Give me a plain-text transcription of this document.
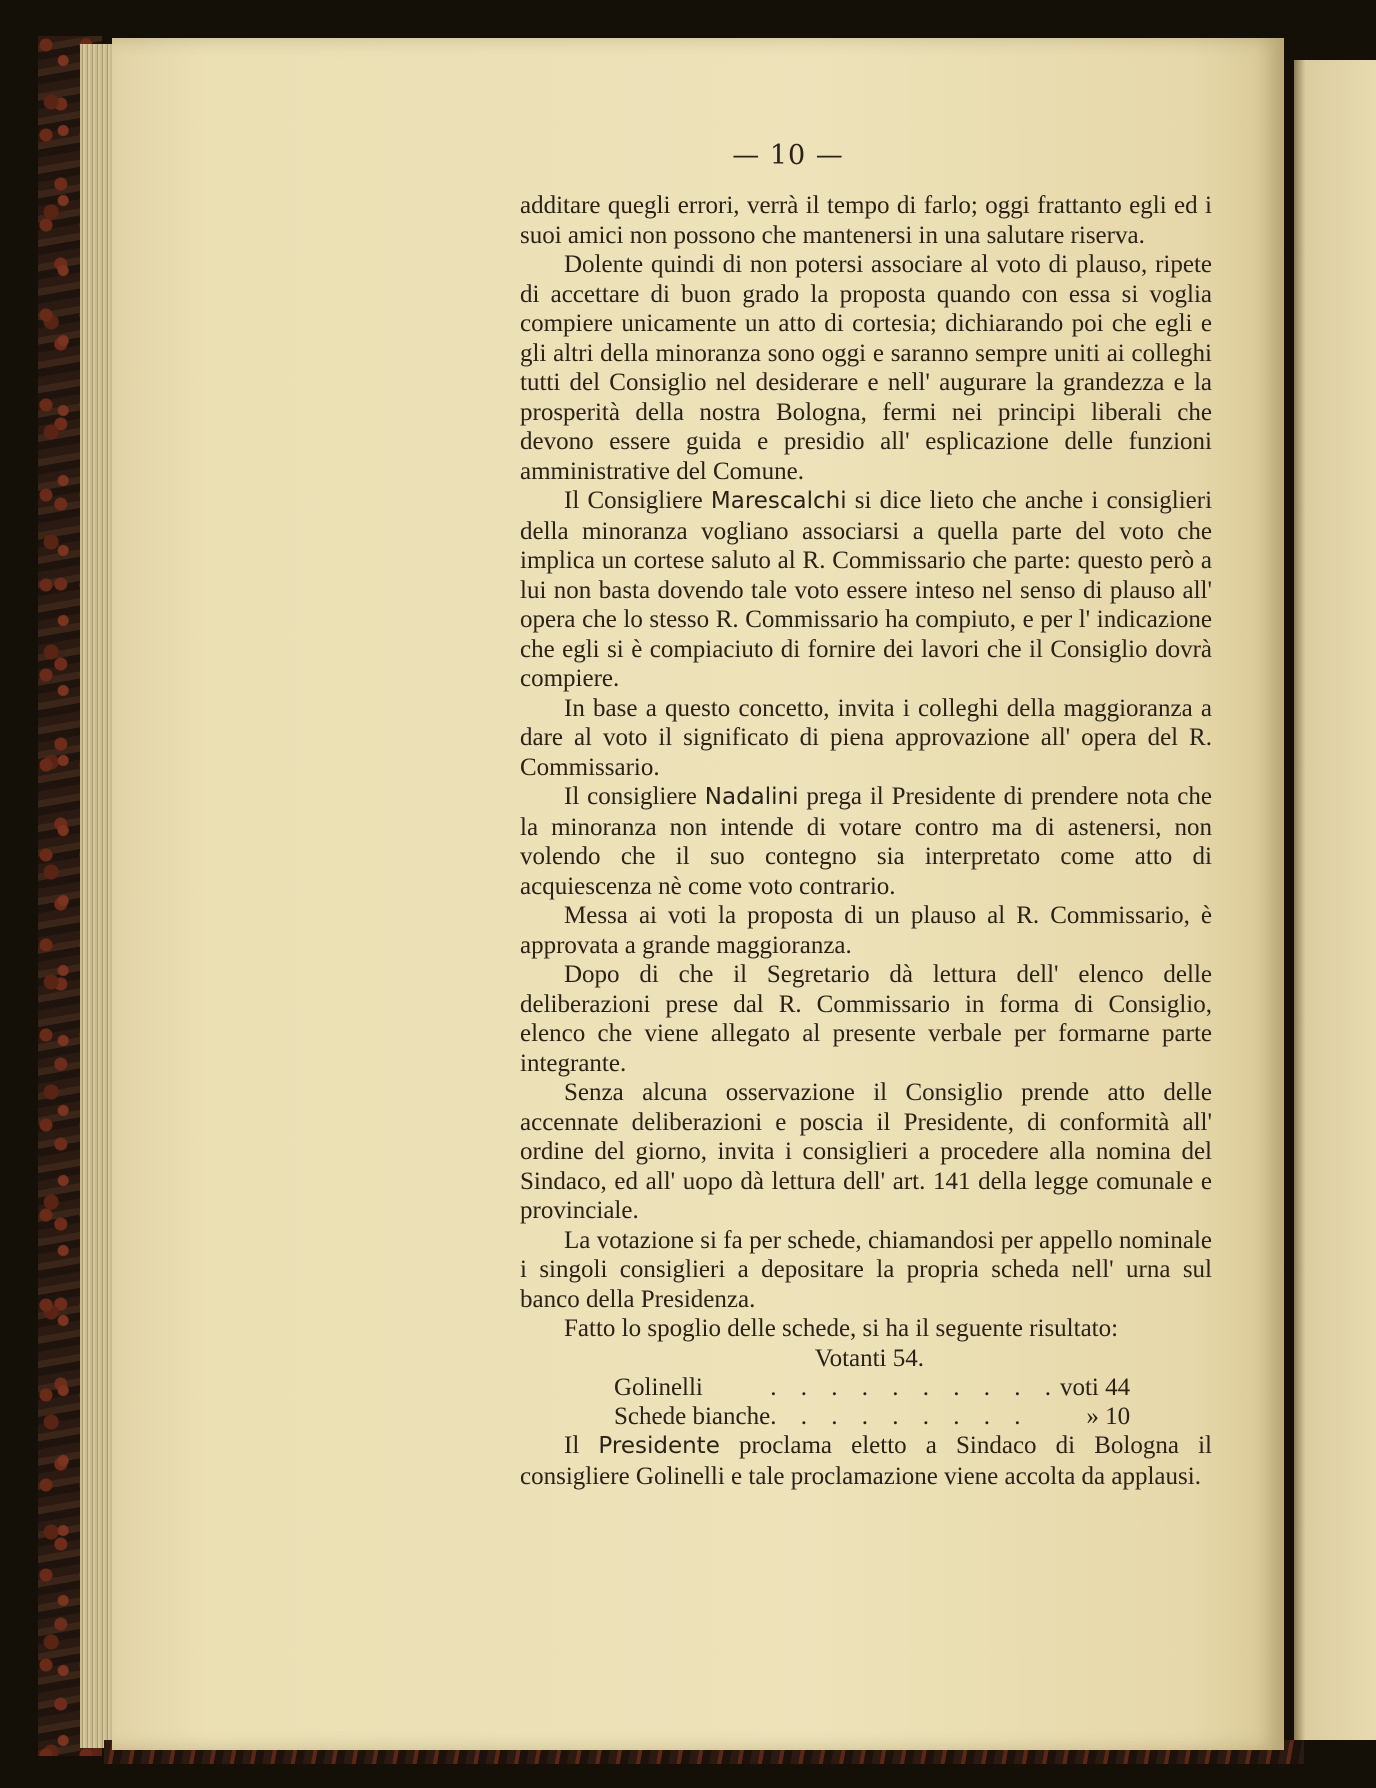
— 10 —

additare quegli errori, verrà il tempo di farlo; oggi frattanto egli ed i suoi amici non possono che mantenersi in una salutare riserva.

Dolente quindi di non potersi associare al voto di plauso, ripete di accettare di buon grado la proposta quando con essa si voglia compiere unicamente un atto di cortesia; dichiarando poi che egli e gli altri della minoranza sono oggi e saranno sempre uniti ai colleghi tutti del Consiglio nel desiderare e nell' augurare la grandezza e la prosperità della nostra Bologna, fermi nei principi liberali che devono essere guida e presidio all' esplicazione delle funzioni amministrative del Comune.

Il Consigliere Marescalchi si dice lieto che anche i consiglieri della minoranza vogliano associarsi a quella parte del voto che implica un cortese saluto al R. Commissario che parte: questo però a lui non basta dovendo tale voto essere inteso nel senso di plauso all' opera che lo stesso R. Commissario ha compiuto, e per l' indicazione che egli si è compiaciuto di fornire dei lavori che il Consiglio dovrà compiere.

In base a questo concetto, invita i colleghi della maggioranza a dare al voto il significato di piena approvazione all' opera del R. Commissario.

Il consigliere Nadalini prega il Presidente di prendere nota che la minoranza non intende di votare contro ma di astenersi, non volendo che il suo contegno sia interpretato come atto di acquiescenza nè come voto contrario.

Messa ai voti la proposta di un plauso al R. Commissario, è approvata a grande maggioranza.

Dopo di che il Segretario dà lettura dell' elenco delle deliberazioni prese dal R. Commissario in forma di Consiglio, elenco che viene allegato al presente verbale per formarne parte integrante.

Senza alcuna osservazione il Consiglio prende atto delle accennate deliberazioni e poscia il Presidente, di conformità all' ordine del giorno, invita i consiglieri a procedere alla nomina del Sindaco, ed all' uopo dà lettura dell' art. 141 della legge comunale e provinciale.

La votazione si fa per schede, chiamandosi per appello nominale i singoli consiglieri a depositare la propria scheda nell' urna sul banco della Presidenza.

Fatto lo spoglio delle schede, si ha il seguente risultato:

Votanti 54.
Golinelli	. . . . . . . . . .	voti 44
Schede bianche	. . . . . . . . .	» 10

Il Presidente proclama eletto a Sindaco di Bologna il consigliere Golinelli e tale proclamazione viene accolta da applausi.
